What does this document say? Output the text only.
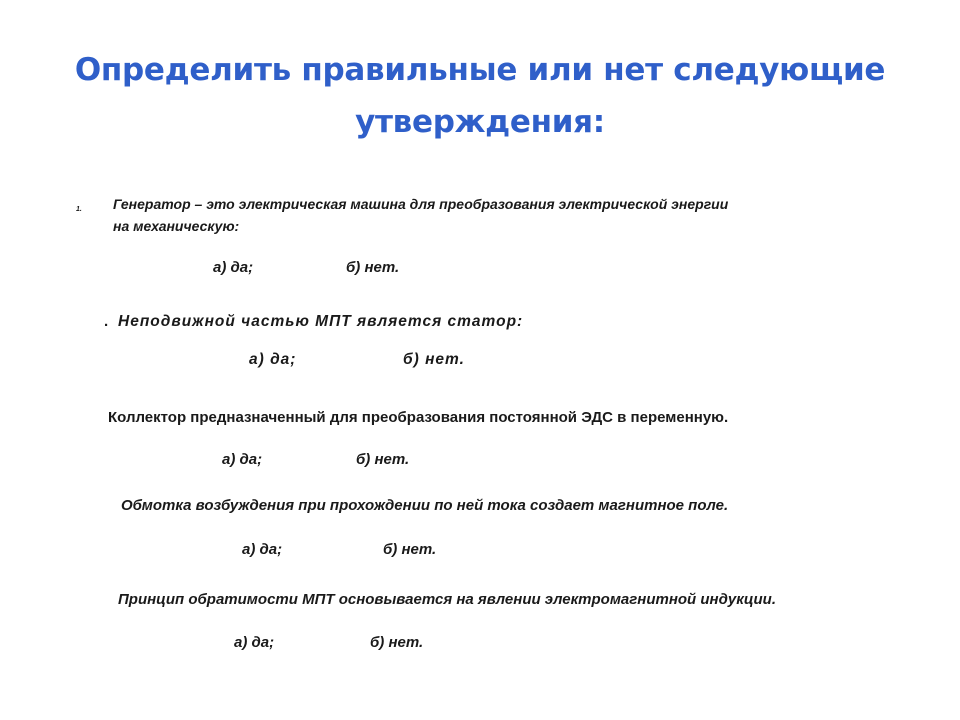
Определить правильные или нет следующие утверждения:
1. Генератор – это электрическая машина для преобразования электрической энергии
на механическую:
а) да;	б) нет.
. Неподвижной частью МПТ является статор:
а) да;	б) нет.
Коллектор предназначенный для преобразования постоянной ЭДС в переменную.
а) да;	б) нет.
Обмотка возбуждения при прохождении по ней тока создает магнитное поле.
а) да;	б) нет.
Принцип обратимости МПТ основывается на явлении электромагнитной индукции.
а) да;	б) нет.
